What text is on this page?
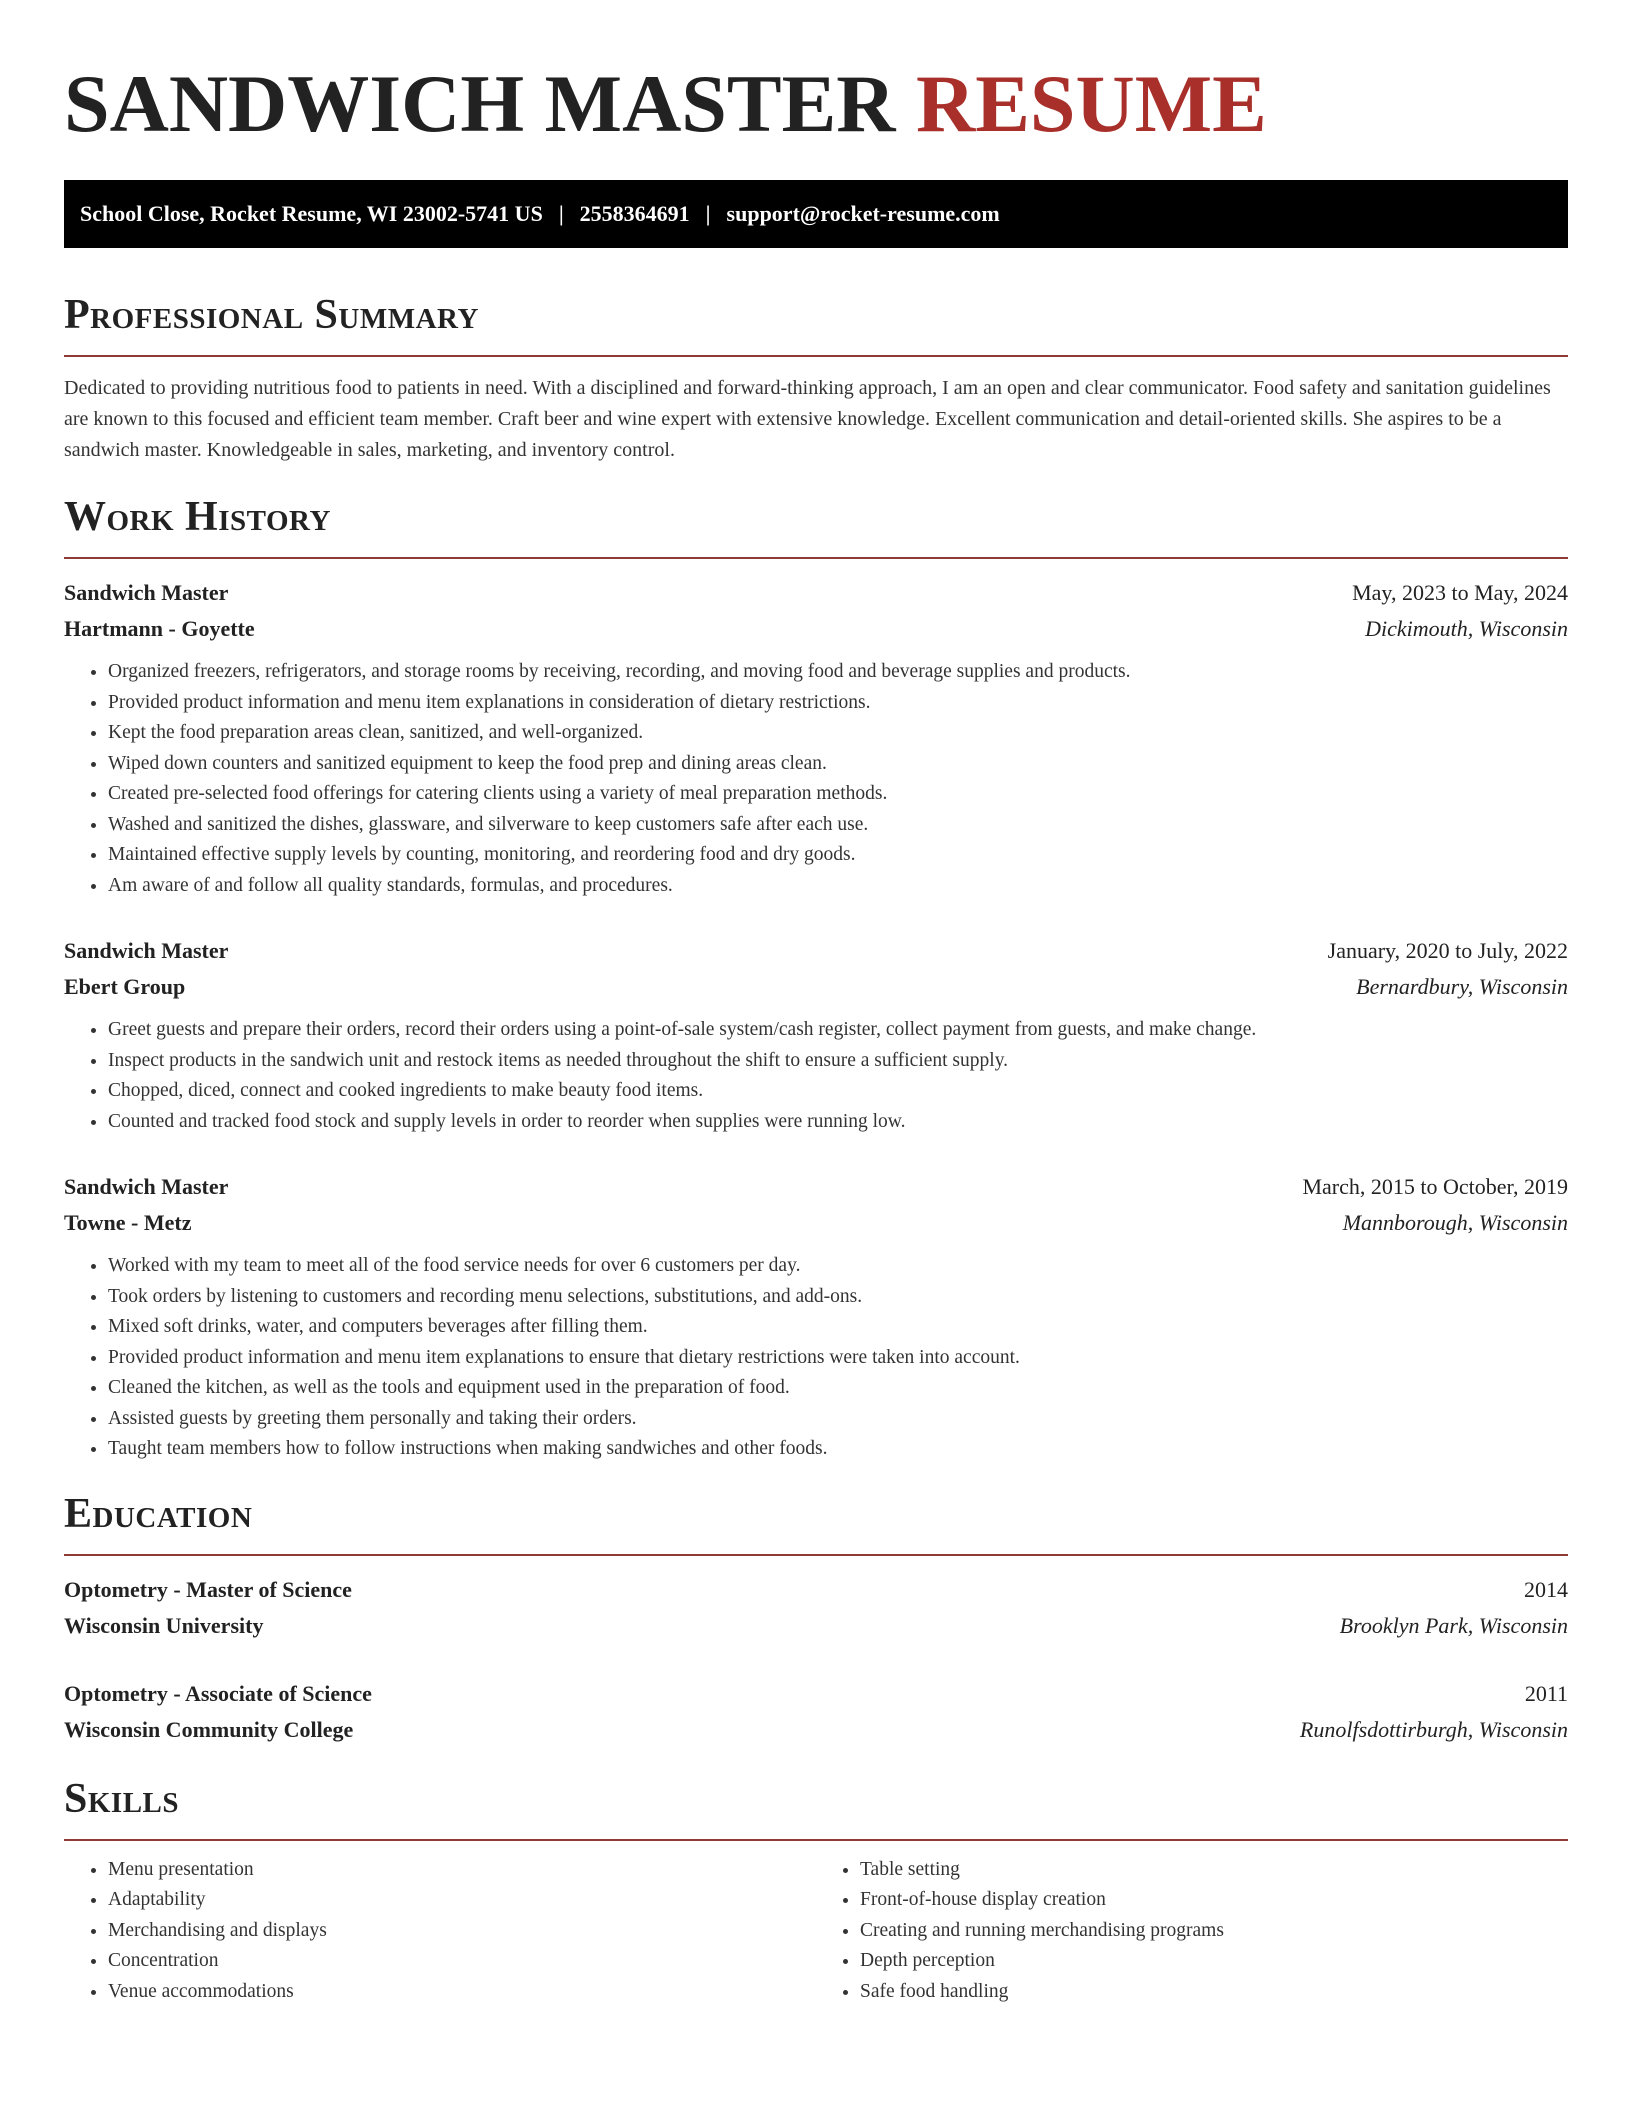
SANDWICH MASTER RESUME
School Close, Rocket Resume, WI 23002-5741 US | 2558364691 | support@rocket-resume.com
Professional Summary

Dedicated to providing nutritious food to patients in need. With a disciplined and forward-thinking approach, I am an open and clear communicator. Food safety and sanitation guidelines are known to this focused and efficient team member. Craft beer and wine expert with extensive knowledge. Excellent communication and detail-oriented skills. She aspires to be a sandwich master. Knowledgeable in sales, marketing, and inventory control.

Work History
Sandwich Master	May, 2023 to May, 2024
Hartmann - Goyette	Dickimouth, Wisconsin
• Organized freezers, refrigerators, and storage rooms by receiving, recording, and moving food and beverage supplies and products.
• Provided product information and menu item explanations in consideration of dietary restrictions.
• Kept the food preparation areas clean, sanitized, and well-organized.
• Wiped down counters and sanitized equipment to keep the food prep and dining areas clean.
• Created pre-selected food offerings for catering clients using a variety of meal preparation methods.
• Washed and sanitized the dishes, glassware, and silverware to keep customers safe after each use.
• Maintained effective supply levels by counting, monitoring, and reordering food and dry goods.
• Am aware of and follow all quality standards, formulas, and procedures.
Sandwich Master	January, 2020 to July, 2022
Ebert Group	Bernardbury, Wisconsin
• Greet guests and prepare their orders, record their orders using a point-of-sale system/cash register, collect payment from guests, and make change.
• Inspect products in the sandwich unit and restock items as needed throughout the shift to ensure a sufficient supply.
• Chopped, diced, connect and cooked ingredients to make beauty food items.
• Counted and tracked food stock and supply levels in order to reorder when supplies were running low.
Sandwich Master	March, 2015 to October, 2019
Towne - Metz	Mannborough, Wisconsin
• Worked with my team to meet all of the food service needs for over 6 customers per day.
• Took orders by listening to customers and recording menu selections, substitutions, and add-ons.
• Mixed soft drinks, water, and computers beverages after filling them.
• Provided product information and menu item explanations to ensure that dietary restrictions were taken into account.
• Cleaned the kitchen, as well as the tools and equipment used in the preparation of food.
• Assisted guests by greeting them personally and taking their orders.
• Taught team members how to follow instructions when making sandwiches and other foods.
Education
Optometry - Master of Science	2014
Wisconsin University	Brooklyn Park, Wisconsin
Optometry - Associate of Science	2011
Wisconsin Community College	Runolfsdottirburgh, Wisconsin
Skills
• Menu presentation
• Adaptability
• Merchandising and displays
• Concentration
• Venue accommodations
• Table setting
• Front-of-house display creation
• Creating and running merchandising programs
• Depth perception
• Safe food handling
